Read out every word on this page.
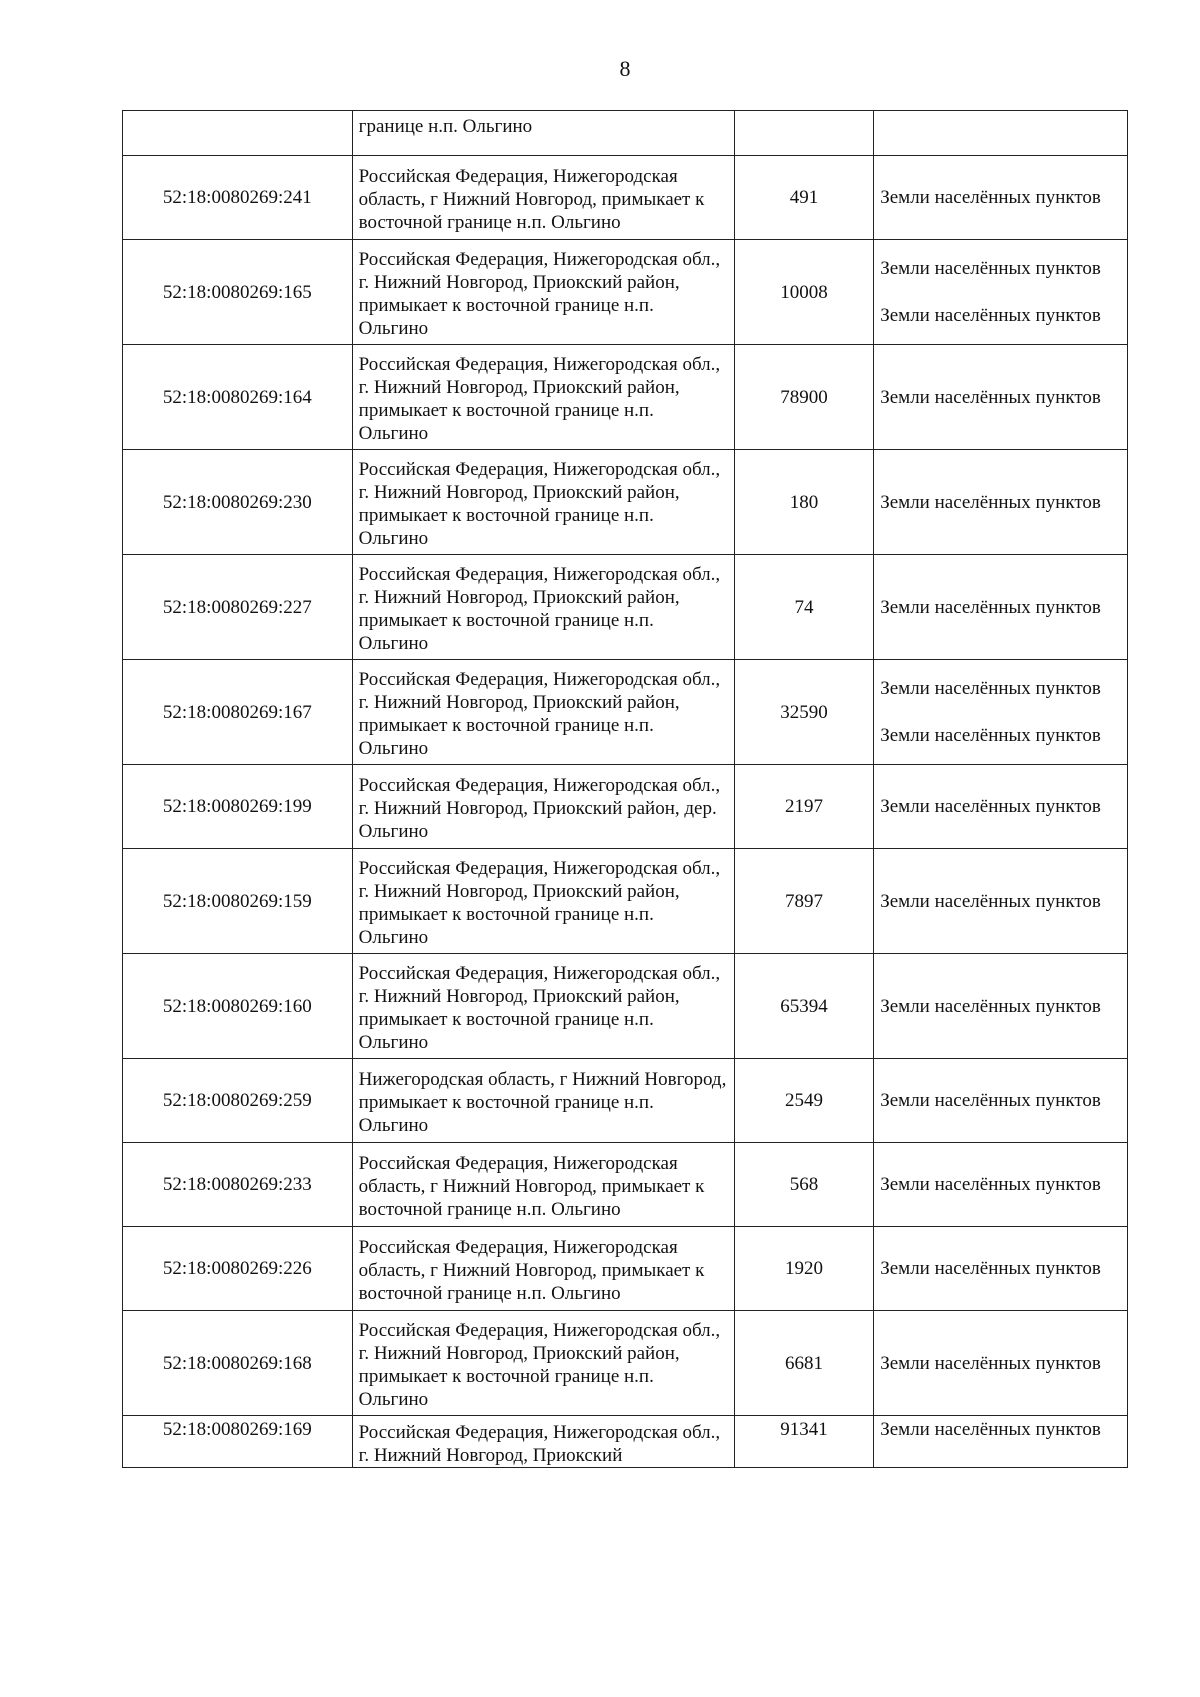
8

	границе н.п. Ольгино		

52:18:0080269:241	Российская Федерация, Нижегородская область, г Нижний Новгород, примыкает к восточной границе н.п. Ольгино	491	Земли населённых пунктов

52:18:0080269:165	Российская Федерация, Нижегородская обл., г. Нижний Новгород, Приокский район, примыкает к восточной границе н.п. Ольгино	10008	Земли населённых пунктов
Земли населённых пунктов

52:18:0080269:164	Российская Федерация, Нижегородская обл., г. Нижний Новгород, Приокский район, примыкает к восточной границе н.п. Ольгино	78900	Земли населённых пунктов

52:18:0080269:230	Российская Федерация, Нижегородская обл., г. Нижний Новгород, Приокский район, примыкает к восточной границе н.п. Ольгино	180	Земли населённых пунктов

52:18:0080269:227	Российская Федерация, Нижегородская обл., г. Нижний Новгород, Приокский район, примыкает к восточной границе н.п. Ольгино	74	Земли населённых пунктов

52:18:0080269:167	Российская Федерация, Нижегородская обл., г. Нижний Новгород, Приокский район, примыкает к восточной границе н.п. Ольгино	32590	Земли населённых пунктов
Земли населённых пунктов

52:18:0080269:199	Российская Федерация, Нижегородская обл., г. Нижний Новгород, Приокский район, дер. Ольгино	2197	Земли населённых пунктов

52:18:0080269:159	Российская Федерация, Нижегородская обл., г. Нижний Новгород, Приокский район, примыкает к восточной границе н.п. Ольгино	7897	Земли населённых пунктов

52:18:0080269:160	Российская Федерация, Нижегородская обл., г. Нижний Новгород, Приокский район, примыкает к восточной границе н.п. Ольгино	65394	Земли населённых пунктов

52:18:0080269:259	Нижегородская область, г Нижний Новгород, примыкает к восточной границе н.п. Ольгино	2549	Земли населённых пунктов

52:18:0080269:233	Российская Федерация, Нижегородская область, г Нижний Новгород, примыкает к восточной границе н.п. Ольгино	568	Земли населённых пунктов

52:18:0080269:226	Российская Федерация, Нижегородская область, г Нижний Новгород, примыкает к восточной границе н.п. Ольгино	1920	Земли населённых пунктов

52:18:0080269:168	Российская Федерация, Нижегородская обл., г. Нижний Новгород, Приокский район, примыкает к восточной границе н.п. Ольгино	6681	Земли населённых пунктов

52:18:0080269:169	Российская Федерация, Нижегородская обл., г. Нижний Новгород, Приокский	91341	Земли населённых пунктов
